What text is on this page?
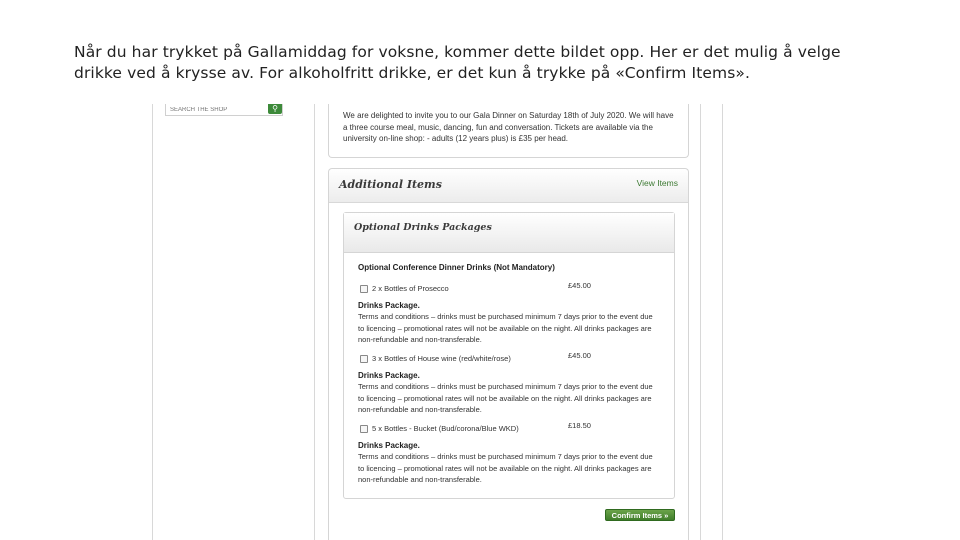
Når du har trykket på Gallamiddag for voksne, kommer dette bildet opp. Her er det mulig å velge
drikke ved å krysse av. For alkoholfritt drikke, er det kun å trykke på «Confirm Items».
SEARCH THE SHOP
⚲
We are delighted to invite you to our Gala Dinner on Saturday 18th of July 2020. We will have a three course meal, music, dancing, fun and conversation. Tickets are available via the university on-line shop: - adults (12 years plus) is £35 per head.
Additional Items	View Items
Optional Drinks Packages
Optional Conference Dinner Drinks (Not Mandatory)
2 x Bottles of Prosecco	£45.00
Drinks Package.
Terms and conditions – drinks must be purchased minimum 7 days prior to the event due to licencing – promotional rates will not be available on the night. All drinks packages are non-refundable and non-transferable.
3 x Bottles of House wine (red/white/rose)	£45.00
Drinks Package.
Terms and conditions – drinks must be purchased minimum 7 days prior to the event due to licencing – promotional rates will not be available on the night. All drinks packages are non-refundable and non-transferable.
5 x Bottles - Bucket (Bud/corona/Blue WKD)	£18.50
Drinks Package.
Terms and conditions – drinks must be purchased minimum 7 days prior to the event due to licencing – promotional rates will not be available on the night. All drinks packages are non-refundable and non-transferable.
Confirm Items »
